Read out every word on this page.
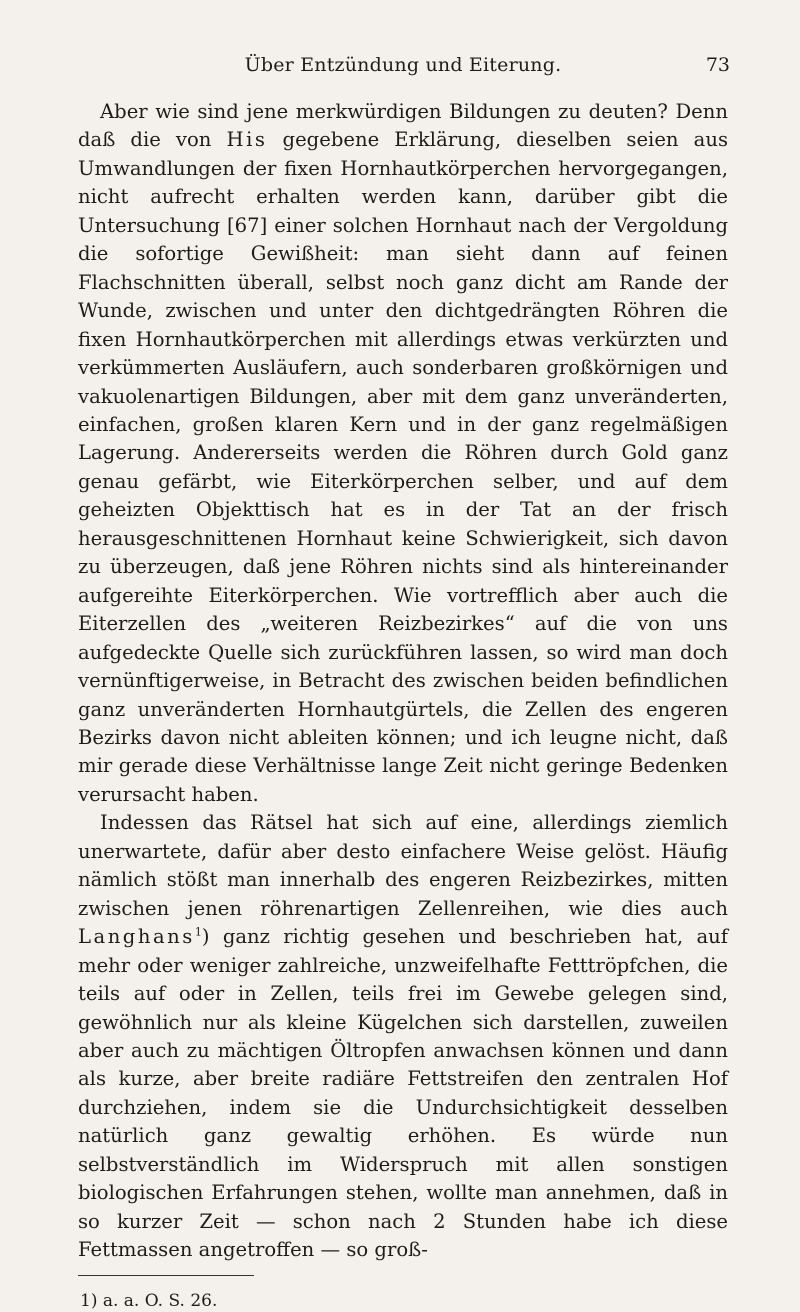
Über Entzündung und Eiterung.	73

Aber wie sind jene merkwürdigen Bildungen zu deuten? Denn daß die von His gegebene Erklärung, dieselben seien aus Umwandlungen der fixen Hornhautkörperchen hervorgegangen, nicht aufrecht erhalten werden kann, darüber gibt die Untersuchung [67] einer solchen Hornhaut nach der Vergoldung die sofortige Gewißheit: man sieht dann auf feinen Flachschnitten überall, selbst noch ganz dicht am Rande der Wunde, zwischen und unter den dichtgedrängten Röhren die fixen Hornhautkörperchen mit allerdings etwas verkürzten und verkümmerten Ausläufern, auch sonderbaren großkörnigen und vakuolenartigen Bildungen, aber mit dem ganz unveränderten, einfachen, großen klaren Kern und in der ganz regelmäßigen Lagerung. Andererseits werden die Röhren durch Gold ganz genau gefärbt, wie Eiterkörperchen selber, und auf dem geheizten Objekttisch hat es in der Tat an der frisch herausgeschnittenen Hornhaut keine Schwierigkeit, sich davon zu überzeugen, daß jene Röhren nichts sind als hintereinander aufgereihte Eiterkörperchen. Wie vortrefflich aber auch die Eiterzellen des „weiteren Reizbezirkes“ auf die von uns aufgedeckte Quelle sich zurückführen lassen, so wird man doch vernünftigerweise, in Betracht des zwischen beiden befindlichen ganz unveränderten Hornhautgürtels, die Zellen des engeren Bezirks davon nicht ableiten können; und ich leugne nicht, daß mir gerade diese Verhältnisse lange Zeit nicht geringe Bedenken verursacht haben.

Indessen das Rätsel hat sich auf eine, allerdings ziemlich unerwartete, dafür aber desto einfachere Weise gelöst. Häufig nämlich stößt man innerhalb des engeren Reizbezirkes, mitten zwischen jenen röhrenartigen Zellenreihen, wie dies auch Langhans$^1$) ganz richtig gesehen und beschrieben hat, auf mehr oder weniger zahlreiche, unzweifelhafte Fetttröpfchen, die teils auf oder in Zellen, teils frei im Gewebe gelegen sind, gewöhnlich nur als kleine Kügelchen sich darstellen, zuweilen aber auch zu mächtigen Öltropfen anwachsen können und dann als kurze, aber breite radiäre Fettstreifen den zentralen Hof durchziehen, indem sie die Undurchsichtigkeit desselben natürlich ganz gewaltig erhöhen. Es würde nun selbstverständlich im Widerspruch mit allen sonstigen biologischen Erfahrungen stehen, wollte man annehmen, daß in so kurzer Zeit — schon nach 2 Stunden habe ich diese Fettmassen angetroffen — so groß-

1) a. a. O. S. 26.
